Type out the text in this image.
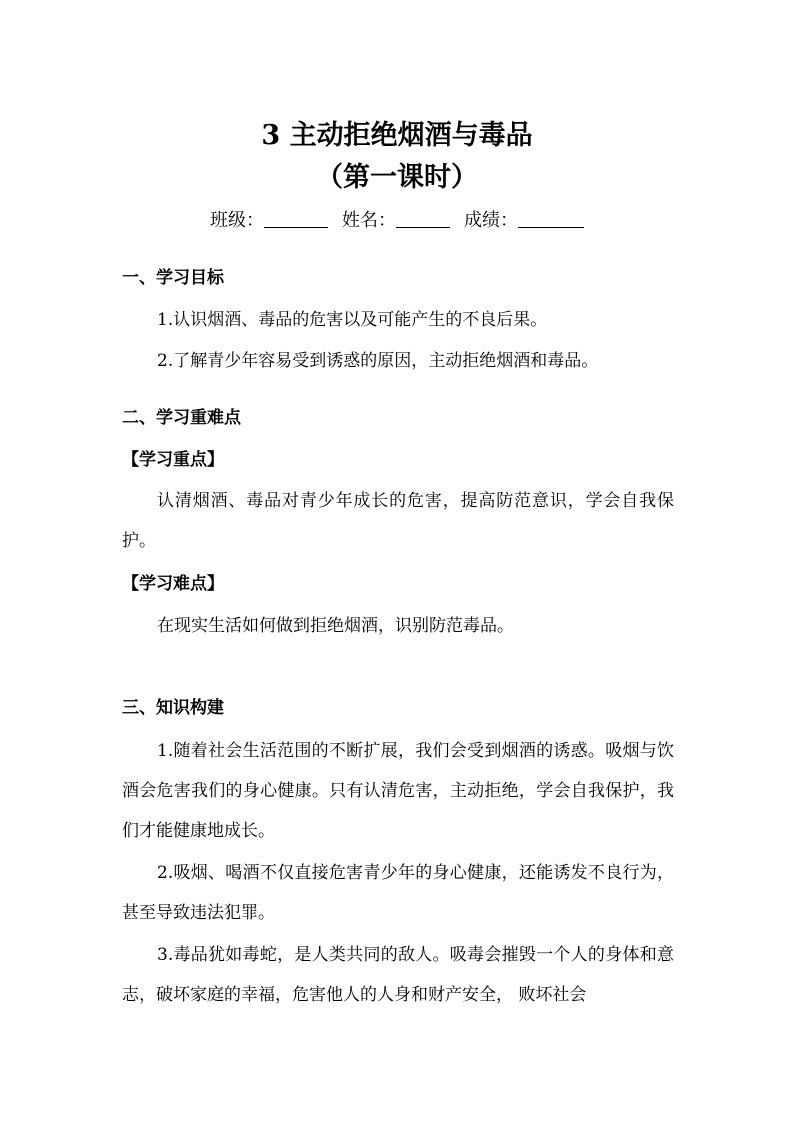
3 主动拒绝烟酒与毒品
（第一课时）
班级：	姓名：	成绩：
一、学习目标
1.认识烟酒、毒品的危害以及可能产生的不良后果。
2.了解青少年容易受到诱惑的原因，主动拒绝烟酒和毒品。
二、学习重难点
【学习重点】
认清烟酒、毒品对青少年成长的危害，提高防范意识，学会自我保护。
【学习难点】
在现实生活如何做到拒绝烟酒，识别防范毒品。
三、知识构建
1.随着社会生活范围的不断扩展，我们会受到烟酒的诱惑。吸烟与饮酒会危害我们的身心健康。只有认清危害，主动拒绝，学会自我保护，我们才能健康地成长。
2.吸烟、喝酒不仅直接危害青少年的身心健康，还能诱发不良行为，甚至导致违法犯罪。
3.毒品犹如毒蛇，是人类共同的敌人。吸毒会摧毁一个人的身体和意志，破坏家庭的幸福，危害他人的人身和财产安全， 败坏社会
